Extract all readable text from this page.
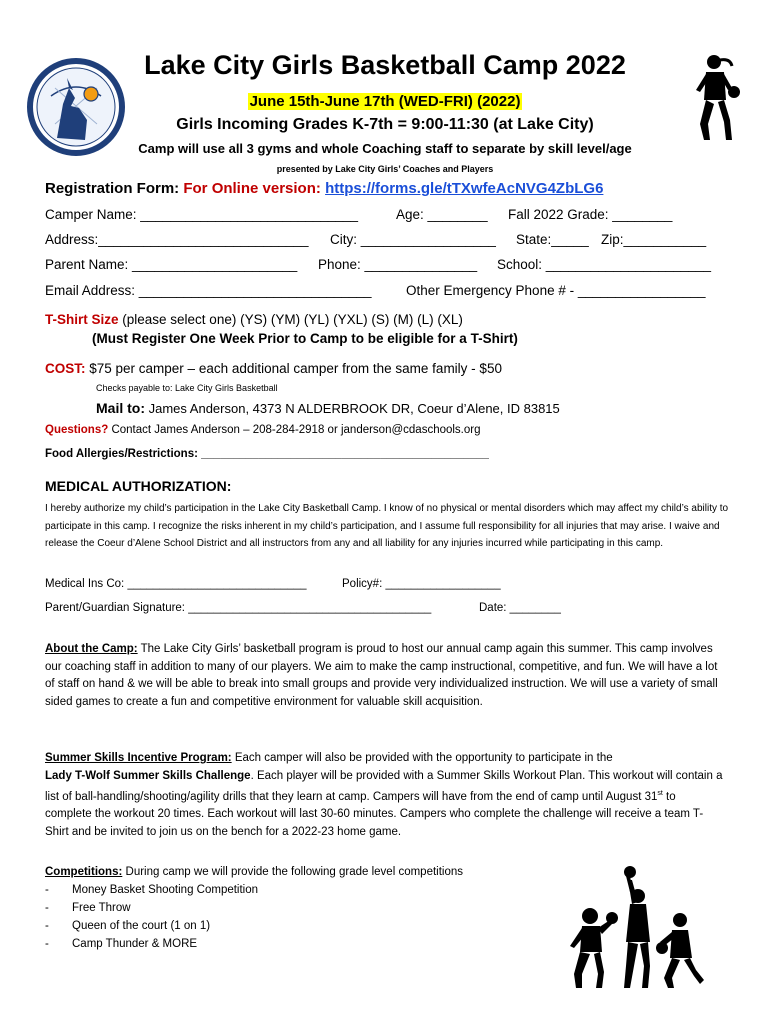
Lake City Girls Basketball Camp 2022
June 15th-June 17th (WED-FRI) (2022)
Girls Incoming Grades K-7th = 9:00-11:30 (at Lake City)
Camp will use all 3 gyms and whole Coaching staff to separate by skill level/age
presented by Lake City Girls’ Coaches and Players
Registration Form: For Online version: https://forms.gle/tTXwfeAcNVG4ZbLG6
Camper Name: _____________________________	Age: ________ Fall 2022 Grade: ________
Address:____________________________ City: __________________ State:_____ Zip:___________
Parent Name: ______________________ Phone: _______________ School: ______________________
Email Address: _______________________________	Other Emergency Phone # - _________________
T-Shirt Size (please select one) (YS) (YM) (YL) (YXL) (S) (M) (L) (XL)
(Must Register One Week Prior to Camp to be eligible for a T-Shirt)
COST: $75 per camper – each additional camper from the same family - $50
Checks payable to: Lake City Girls Basketball
Mail to: James Anderson, 4373 N ALDERBROOK DR, Coeur d’Alene, ID 83815
Questions? Contact James Anderson – 208-284-2918 or janderson@cdaschools.org
Food Allergies/Restrictions: _____________________________________________
MEDICAL AUTHORIZATION:
I hereby authorize my child’s participation in the Lake City Basketball Camp. I know of no physical or mental disorders which may affect my child’s ability to participate in this camp. I recognize the risks inherent in my child’s participation, and I assume full responsibility for all injuries that may arise. I waive and release the Coeur d’Alene School District and all instructors from any and all liability for any injuries incurred while participating in this camp.
Medical Ins Co: ____________________________	Policy#: __________________
Parent/Guardian Signature: ______________________________________	Date: ________
About the Camp: The Lake City Girls’ basketball program is proud to host our annual camp again this summer. This camp involves our coaching staff in addition to many of our players. We aim to make the camp instructional, competitive, and fun. We will have a lot of staff on hand & we will be able to break into small groups and provide very individualized instruction. We will use a variety of small sided games to create a fun and competitive environment for valuable skill acquisition.
Summer Skills Incentive Program: Each camper will also be provided with the opportunity to participate in the
Lady T-Wolf Summer Skills Challenge. Each player will be provided with a Summer Skills Workout Plan. This workout will contain a list of ball-handling/shooting/agility drills that they learn at camp. Campers will have from the end of camp until August 31st to complete the workout 20 times. Each workout will last 30-60 minutes. Campers who complete the challenge will receive a team T-Shirt and be invited to join us on the bench for a 2022-23 home game.
Competitions: During camp we will provide the following grade level competitions
- Money Basket Shooting Competition
- Free Throw
- Queen of the court (1 on 1)
- Camp Thunder & MORE
